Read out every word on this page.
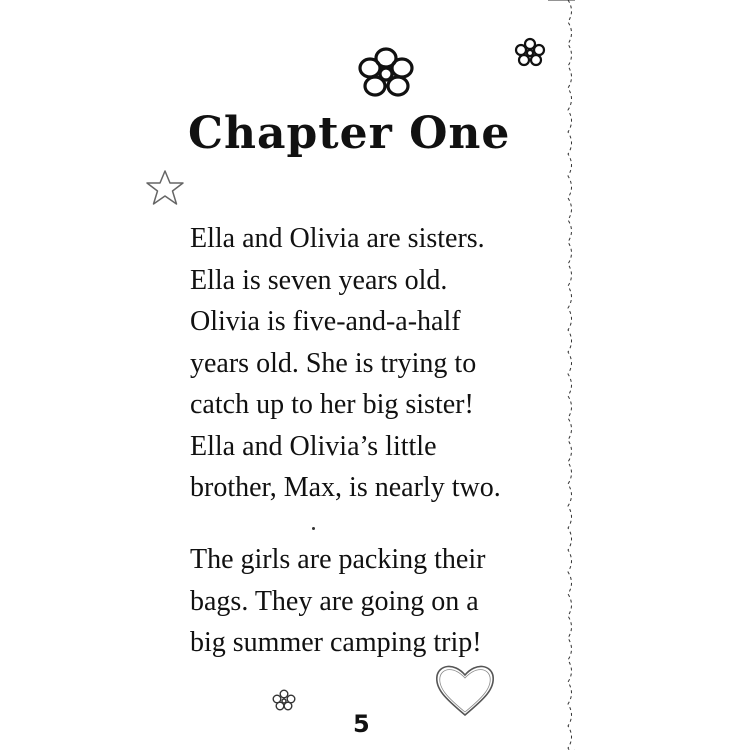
Chapter One
Ella and Olivia are sisters.
Ella is seven years old.
Olivia is five-and-a-half
years old. She is trying to
catch up to her big sister!
Ella and Olivia’s little
brother, Max, is nearly two.
The girls are packing their
bags. They are going on a
big summer camping trip!
5
